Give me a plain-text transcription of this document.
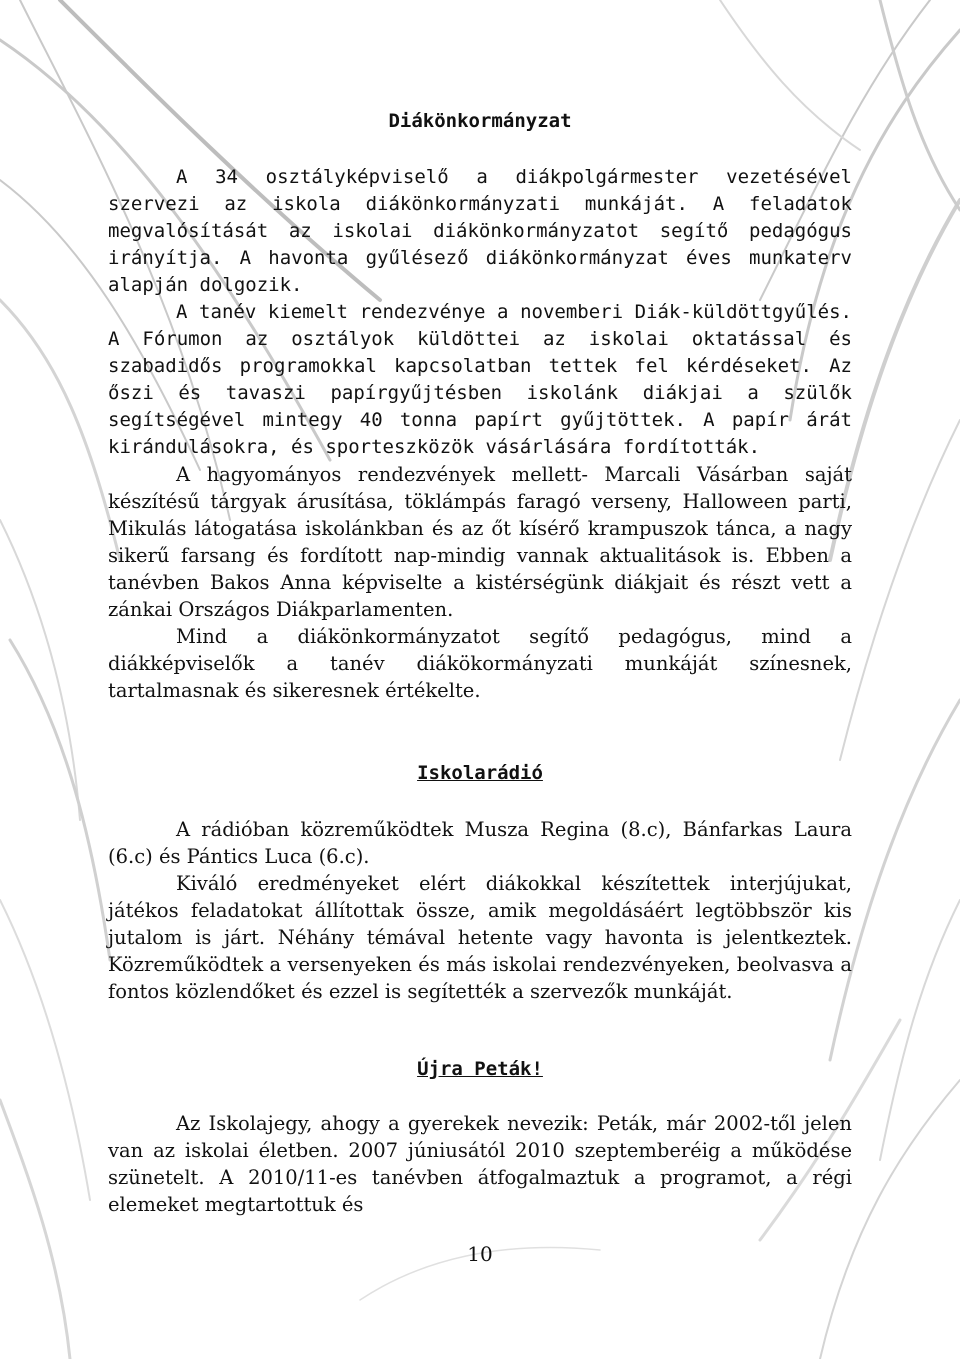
Diákönkormányzat

A 34 osztályképviselő a diákpolgármester vezetésével szervezi az iskola diákönkormányzati munkáját. A feladatok megvalósítását az iskolai diákönkormányzatot segítő pedagógus irányítja. A havonta gyűlésező diákönkormányzat éves munkaterv alapján dolgozik.

A tanév kiemelt rendezvénye a novemberi Diák-küldöttgyűlés. A Fórumon az osztályok küldöttei az iskolai oktatással és szabadidős programokkal kapcsolatban tettek fel kérdéseket. Az őszi és tavaszi papírgyűjtésben iskolánk diákjai a szülők segítségével mintegy 40 tonna papírt gyűjtöttek. A papír árát kirándulásokra, és sporteszközök vásárlására fordították.

A hagyományos rendezvények mellett- Marcali Vásárban saját készítésű tárgyak árusítása, töklámpás faragó verseny, Halloween parti, Mikulás látogatása iskolánkban és az őt kísérő krampuszok tánca, a nagy sikerű farsang és fordított nap-mindig vannak aktualitások is. Ebben a tanévben Bakos Anna képviselte a kistérségünk diákjait és részt vett a zánkai Országos Diákparlamenten.

Mind a diákönkormányzatot segítő pedagógus, mind a diákképviselők a tanév diákökormányzati munkáját színesnek, tartalmasnak és sikeresnek értékelte.

Iskolarádió

A rádióban közreműködtek Musza Regina (8.c), Bánfarkas Laura (6.c) és Pántics Luca (6.c).

Kiváló eredményeket elért diákokkal készítettek interjújukat, játékos feladatokat állítottak össze, amik megoldásáért legtöbbször kis jutalom is járt. Néhány témával hetente vagy havonta is jelentkeztek. Közreműködtek a versenyeken és más iskolai rendezvényeken, beolvasva a fontos közlendőket és ezzel is segítették a szervezők munkáját.

Újra Peták!

Az Iskolajegy, ahogy a gyerekek nevezik: Peták, már 2002-től jelen van az iskolai életben. 2007 júniusától 2010 szeptemberéig a működése szünetelt. A 2010/11-es tanévben átfogalmaztuk a programot, a régi elemeket megtartottuk és

10
